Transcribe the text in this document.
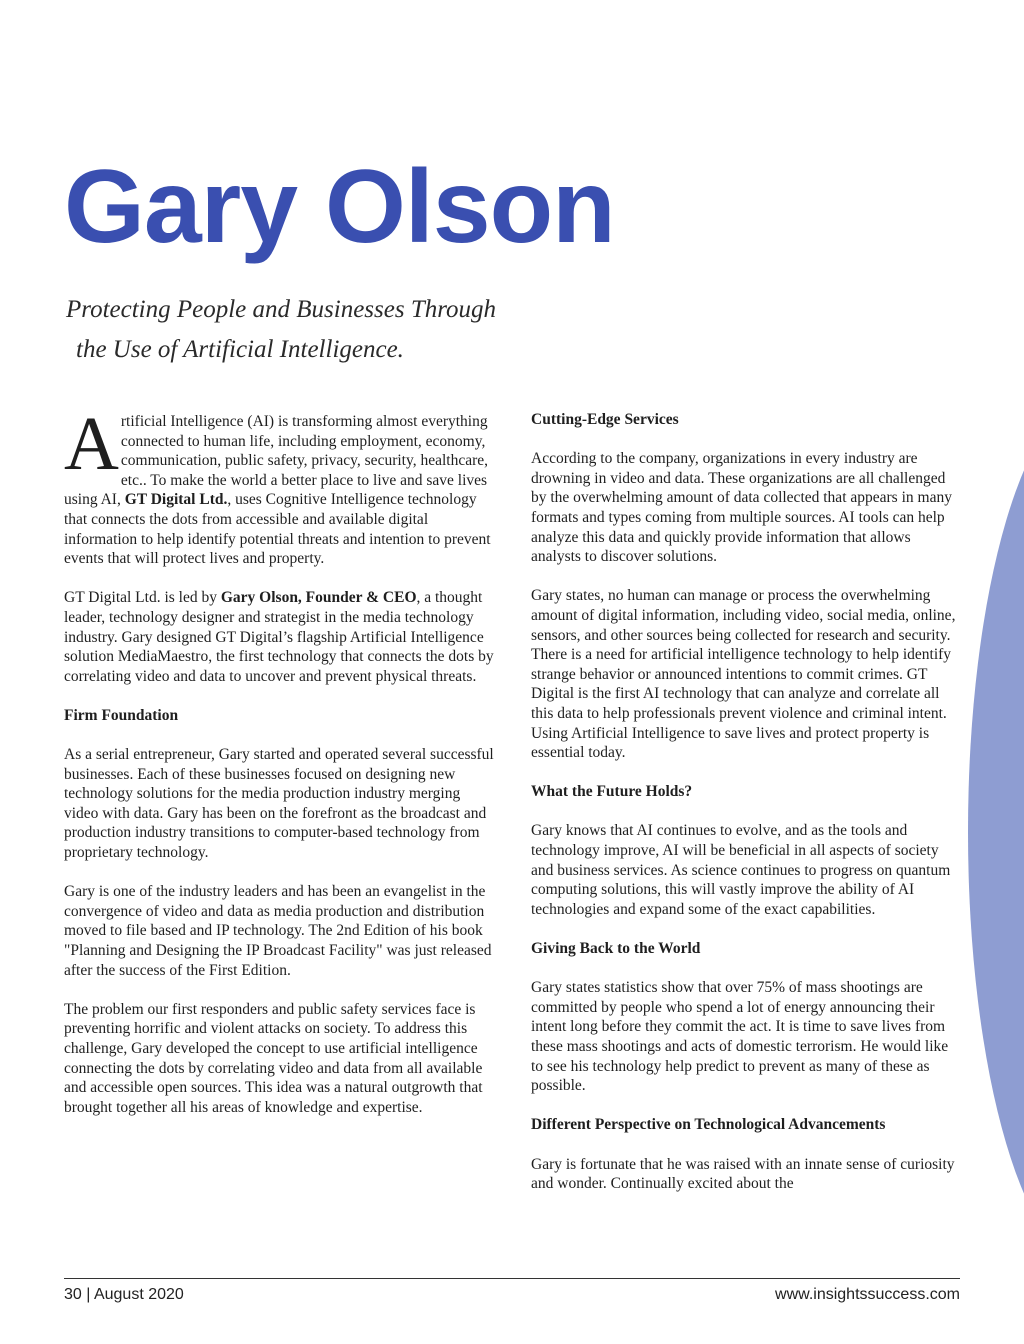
Gary Olson
Protecting People and Businesses Through
the Use of Artificial Intelligence.

Artificial Intelligence (AI) is transforming almost everything connected to human life, including employment, economy, communication, public safety, privacy, security, healthcare, etc.. To make the world a better place to live and save lives using AI, GT Digital Ltd., uses Cognitive Intelligence technology that connects the dots from accessible and available digital information to help identify potential threats and intention to prevent events that will protect lives and property.

GT Digital Ltd. is led by Gary Olson, Founder & CEO, a thought leader, technology designer and strategist in the media technology industry. Gary designed GT Digital’s flagship Artificial Intelligence solution MediaMaestro, the first technology that connects the dots by correlating video and data to uncover and prevent physical threats.

Firm Foundation

As a serial entrepreneur, Gary started and operated several successful businesses. Each of these businesses focused on designing new technology solutions for the media production industry merging video with data. Gary has been on the forefront as the broadcast and production industry transitions to computer-based technology from proprietary technology.

Gary is one of the industry leaders and has been an evangelist in the convergence of video and data as media production and distribution moved to file based and IP technology. The 2nd Edition of his book "Planning and Designing the IP Broadcast Facility" was just released after the success of the First Edition.

The problem our first responders and public safety services face is preventing horrific and violent attacks on society. To address this challenge, Gary developed the concept to use artificial intelligence connecting the dots by correlating video and data from all available and accessible open sources. This idea was a natural outgrowth that brought together all his areas of knowledge and expertise.

Cutting-Edge Services

According to the company, organizations in every industry are drowning in video and data. These organizations are all challenged by the overwhelming amount of data collected that appears in many formats and types coming from multiple sources. AI tools can help analyze this data and quickly provide information that allows analysts to discover solutions.

Gary states, no human can manage or process the overwhelming amount of digital information, including video, social media, online, sensors, and other sources being collected for research and security. There is a need for artificial intelligence technology to help identify strange behavior or announced intentions to commit crimes. GT Digital is the first AI technology that can analyze and correlate all this data to help professionals prevent violence and criminal intent. Using Artificial Intelligence to save lives and protect property is essential today.

What the Future Holds?

Gary knows that AI continues to evolve, and as the tools and technology improve, AI will be beneficial in all aspects of society and business services. As science continues to progress on quantum computing solutions, this will vastly improve the ability of AI technologies and expand some of the exact capabilities.

Giving Back to the World

Gary states statistics show that over 75% of mass shootings are committed by people who spend a lot of energy announcing their intent long before they commit the act. It is time to save lives from these mass shootings and acts of domestic terrorism. He would like to see his technology help predict to prevent as many of these as possible.

Different Perspective on Technological Advancements

Gary is fortunate that he was raised with an innate sense of curiosity and wonder. Continually excited about the

30 | August 2020	www.insightssuccess.com
